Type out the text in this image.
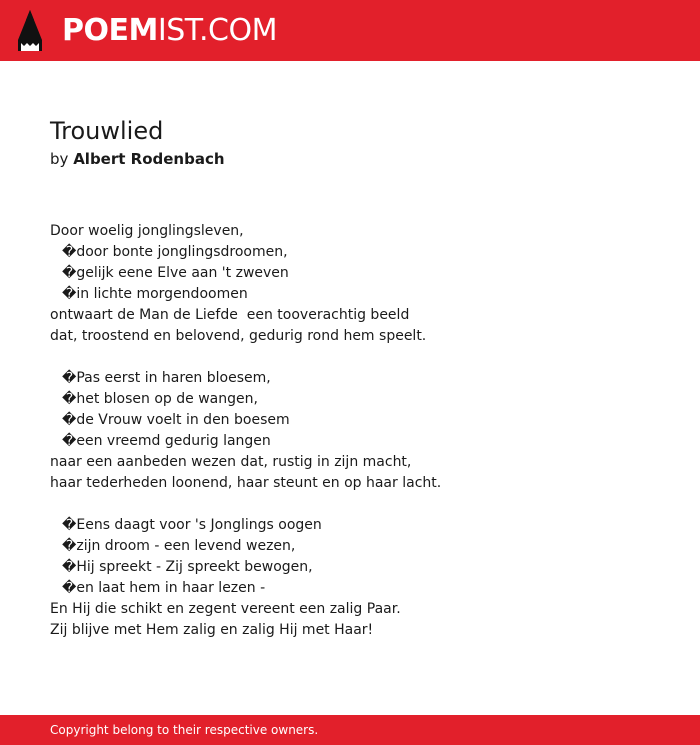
POEMIST.COM
Trouwlied
by Albert Rodenbach
Door woelig jonglingsleven,
�door bonte jonglingsdroomen,
�gelijk eene Elve aan 't zweven
�in lichte morgendoomen
ontwaart de Man de Liefde  een tooverachtig beeld
dat, troostend en belovend, gedurig rond hem speelt.
�Pas eerst in haren bloesem,
�het blosen op de wangen,
�de Vrouw voelt in den boesem
�een vreemd gedurig langen
naar een aanbeden wezen dat, rustig in zijn macht,
haar tederheden loonend, haar steunt en op haar lacht.
�Eens daagt voor 's Jonglings oogen
�zijn droom - een levend wezen,
�Hij spreekt - Zij spreekt bewogen,
�en laat hem in haar lezen -
En Hij die schikt en zegent vereent een zalig Paar.
Zij blijve met Hem zalig en zalig Hij met Haar!
Copyright belong to their respective owners.
